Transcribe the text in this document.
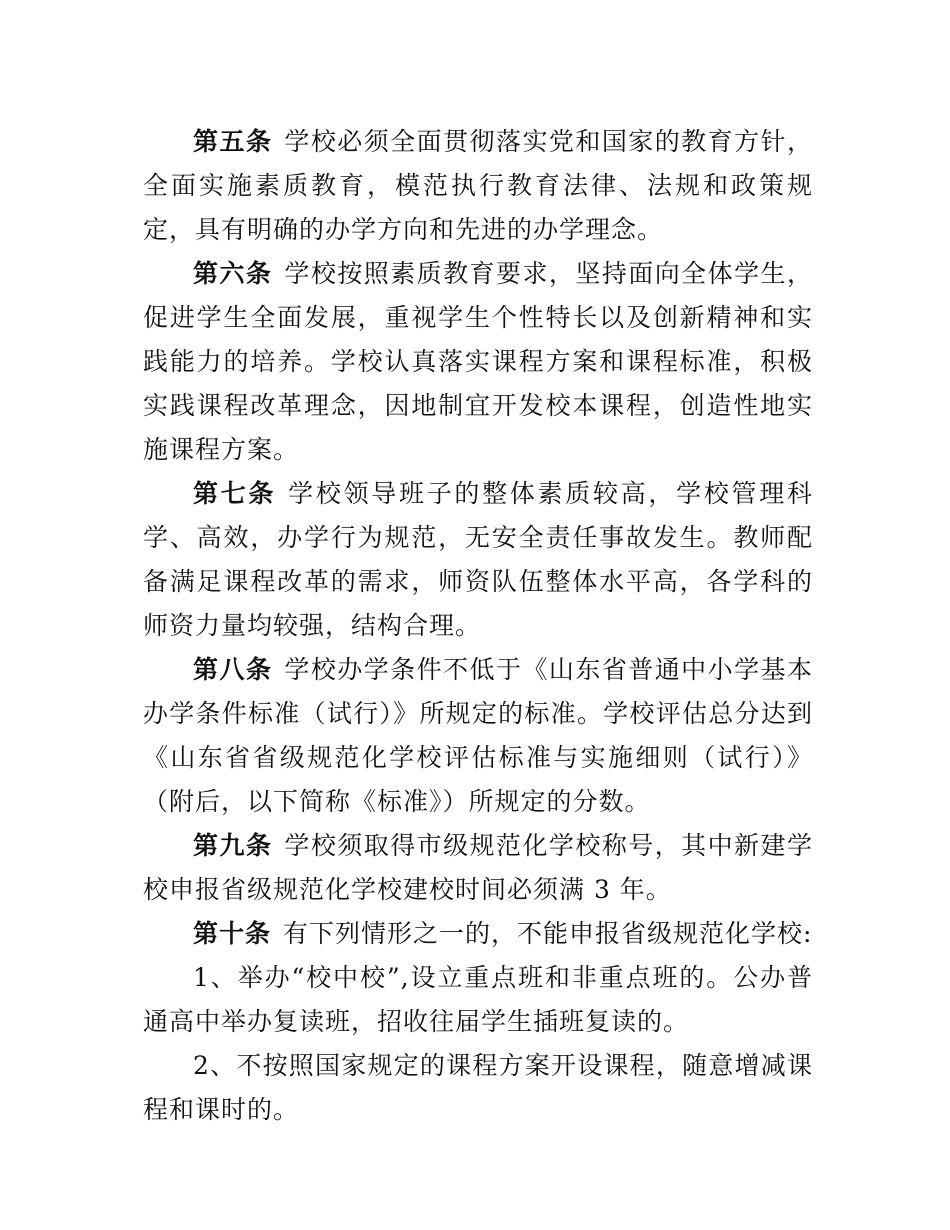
第五条 学校必须全面贯彻落实党和国家的教育方针，全面实施素质教育，模范执行教育法律、法规和政策规定，具有明确的办学方向和先进的办学理念。

第六条 学校按照素质教育要求，坚持面向全体学生，促进学生全面发展，重视学生个性特长以及创新精神和实践能力的培养。学校认真落实课程方案和课程标准，积极实践课程改革理念，因地制宜开发校本课程，创造性地实施课程方案。

第七条 学校领导班子的整体素质较高，学校管理科学、高效，办学行为规范，无安全责任事故发生。教师配备满足课程改革的需求，师资队伍整体水平高，各学科的师资力量均较强，结构合理。

第八条 学校办学条件不低于《山东省普通中小学基本办学条件标准（试行）》所规定的标准。学校评估总分达到《山东省省级规范化学校评估标准与实施细则（试行）》（附后，以下简称《标准》）所规定的分数。

第九条 学校须取得市级规范化学校称号，其中新建学校申报省级规范化学校建校时间必须满 3 年。

第十条 有下列情形之一的，不能申报省级规范化学校:

1、举办“校中校”,设立重点班和非重点班的。公办普通高中举办复读班，招收往届学生插班复读的。

2、不按照国家规定的课程方案开设课程，随意增减课程和课时的。
